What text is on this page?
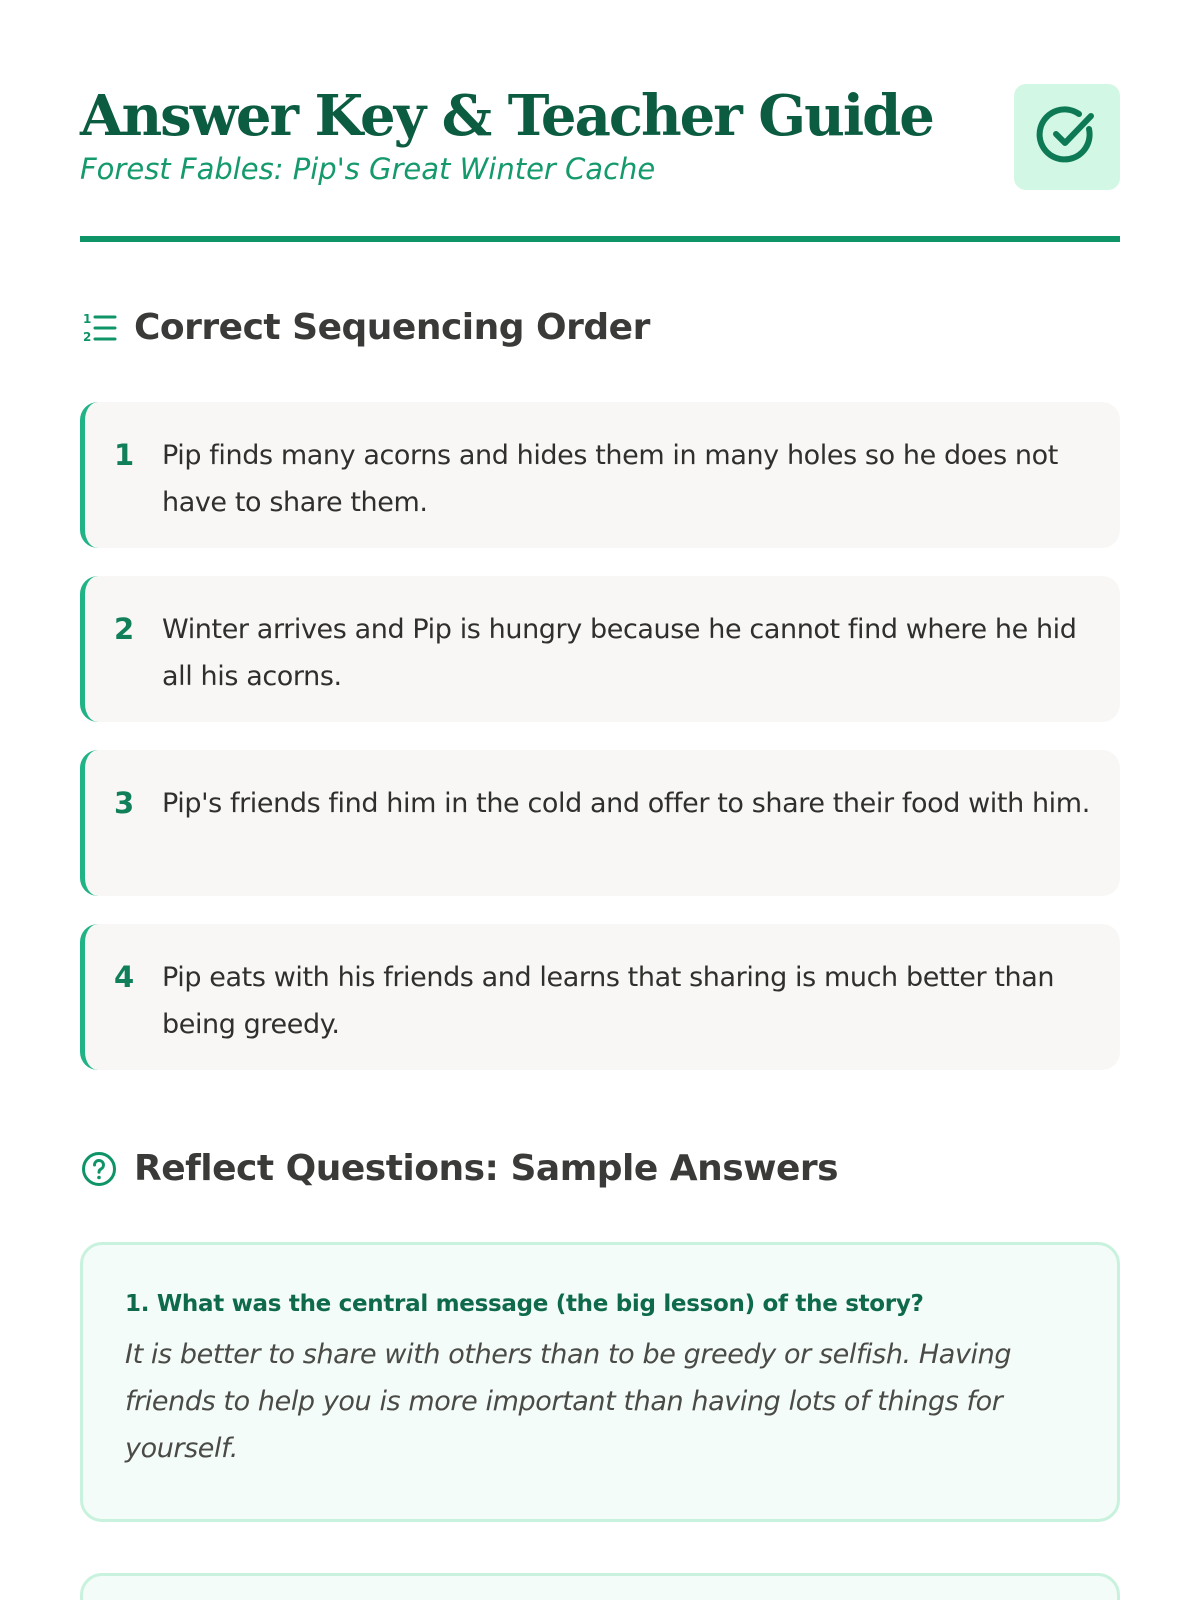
Answer Key & Teacher Guide
Forest Fables: Pip's Great Winter Cache
1
2 Correct Sequencing Order
1	Pip finds many acorns and hides them in many holes so he does not have to share them.
2	Winter arrives and Pip is hungry because he cannot find where he hid all his acorns.
3	Pip's friends find him in the cold and offer to share their food with him.
4	Pip eats with his friends and learns that sharing is much better than being greedy.
Reflect Questions: Sample Answers
1. What was the central message (the big lesson) of the story?
It is better to share with others than to be greedy or selfish. Having friends to help you is more important than having lots of things for yourself.
